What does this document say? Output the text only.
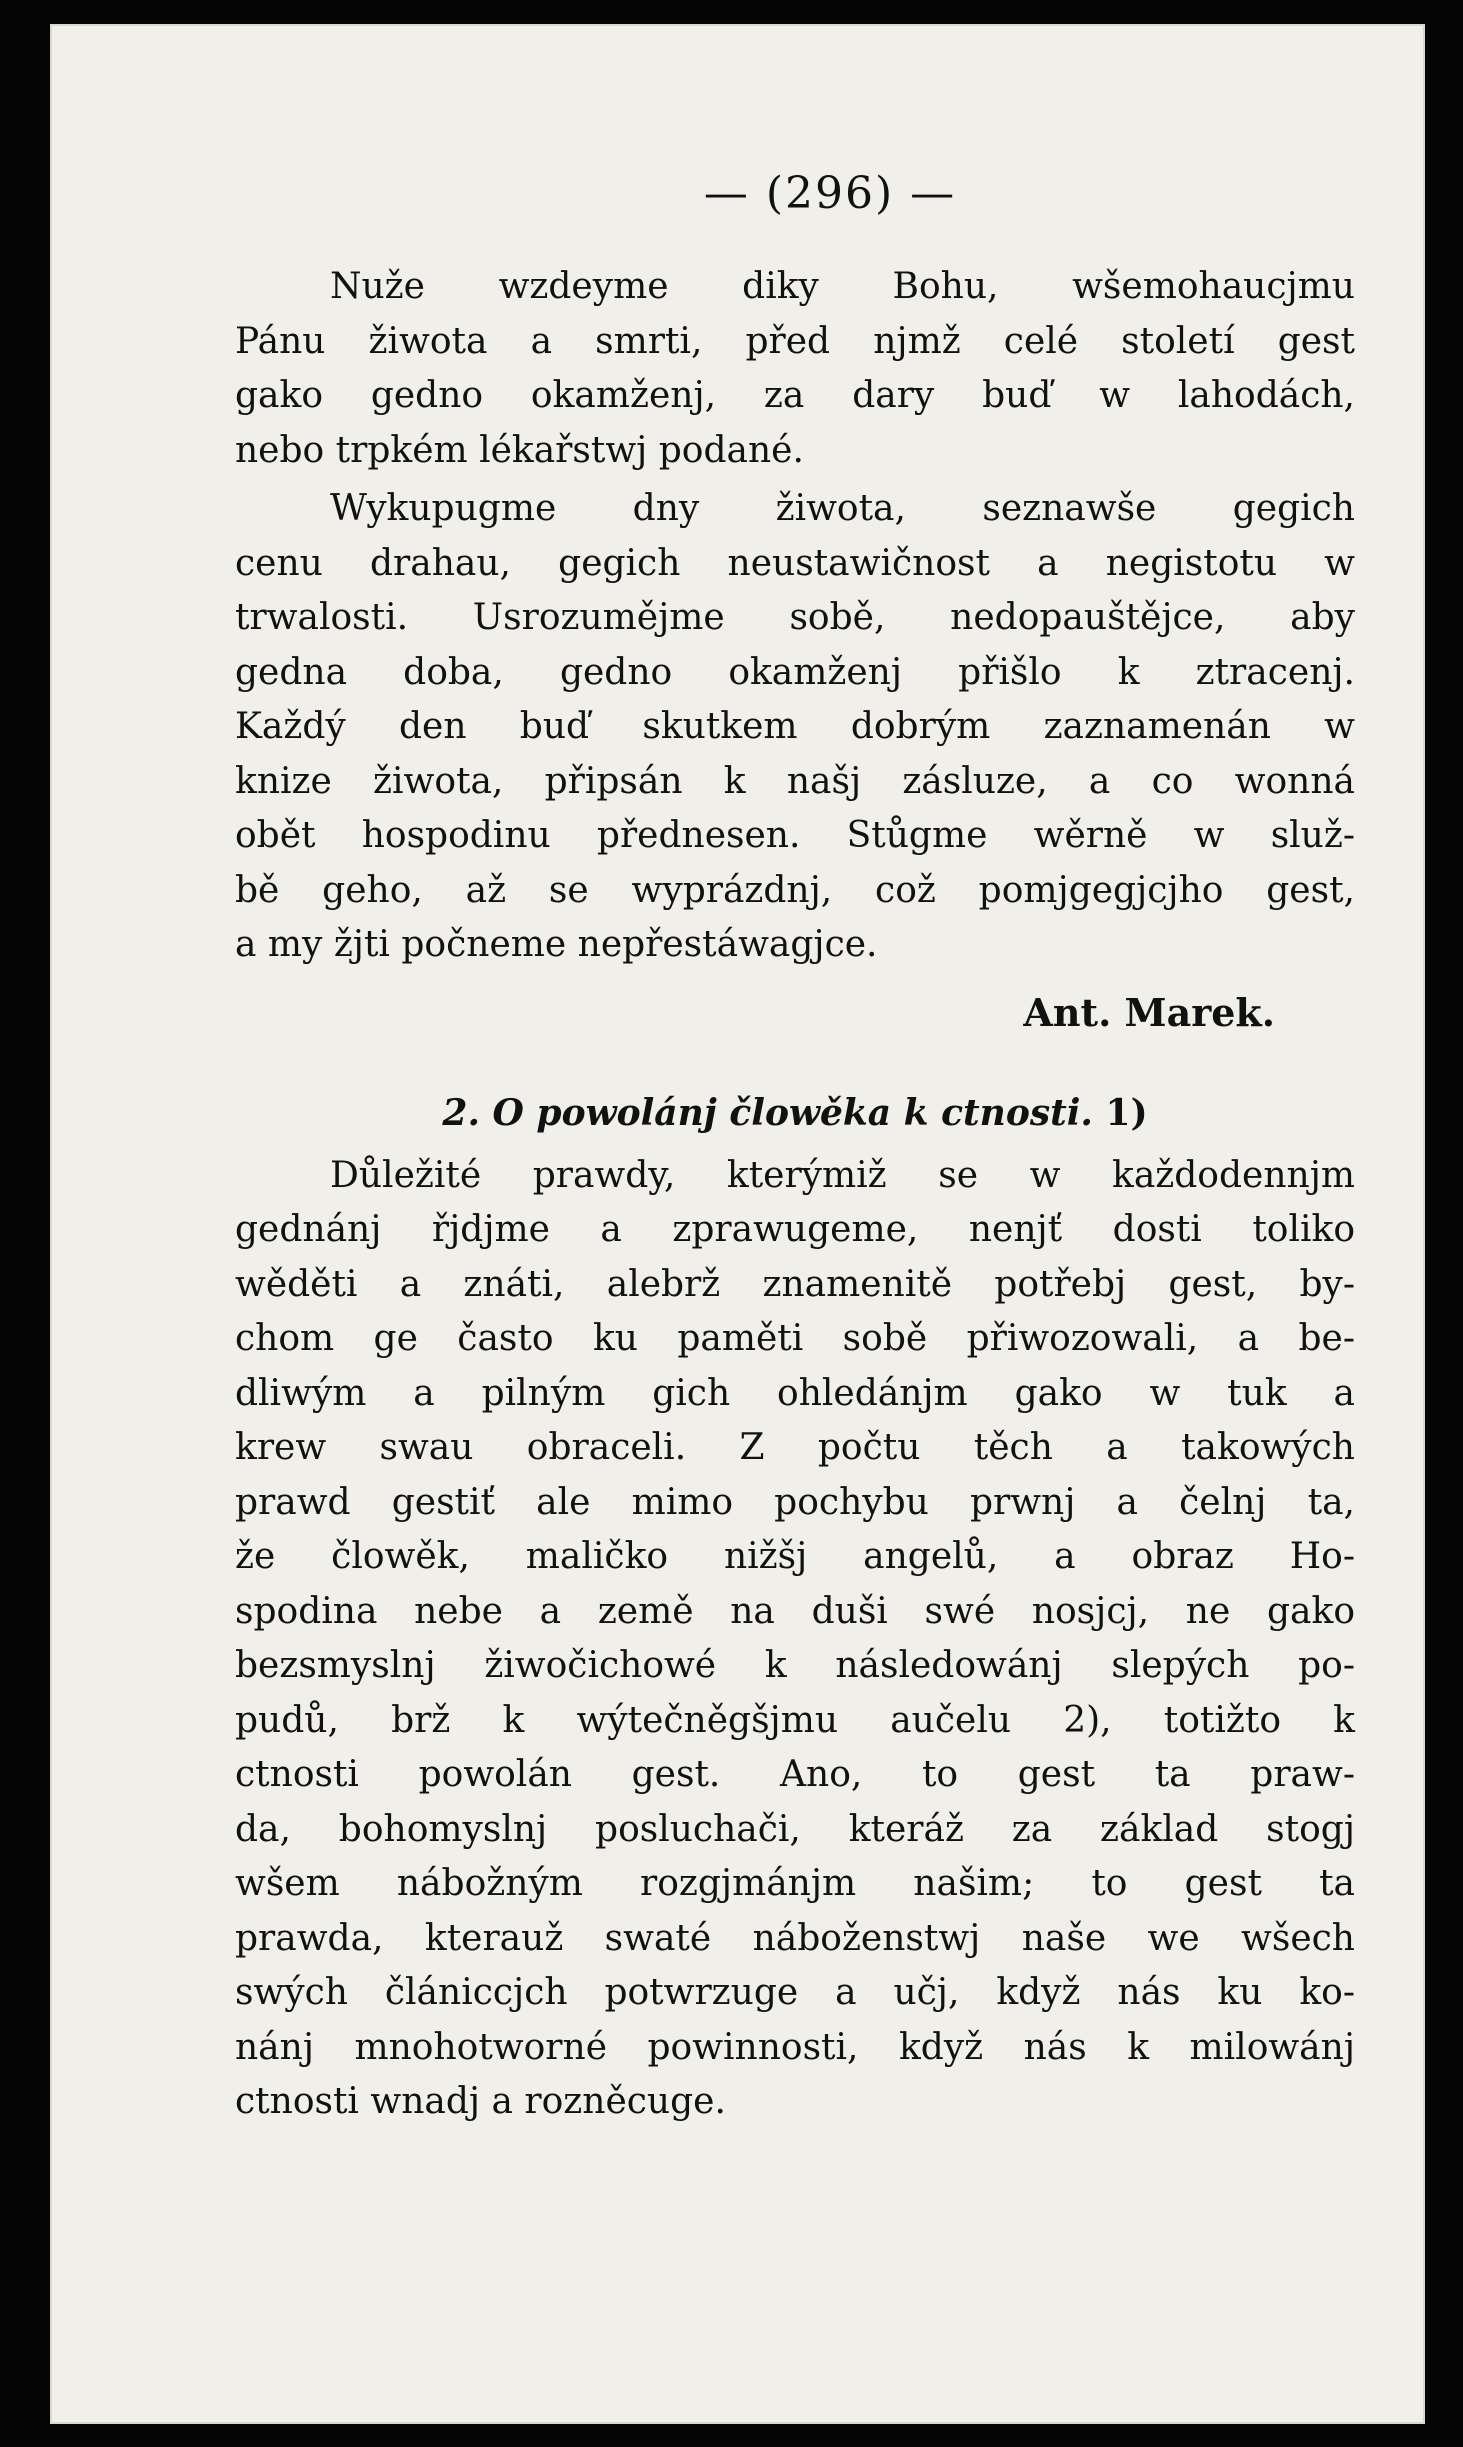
— (296) —
Nuže wzdeyme diky Bohu, wšemohaucjmu
Pánu žiwota a smrti, před njmž celé století gest
gako gedno okamženj, za dary buď w lahodách,
nebo trpkém lékařstwj podané.
Wykupugme dny žiwota, seznawše gegich
cenu drahau, gegich neustawičnost a negistotu w
trwalosti. Usrozumějme sobě, nedopauštějce, aby
gedna doba, gedno okamženj přišlo k ztracenj.
Každý den buď skutkem dobrým zaznamenán w
knize žiwota, připsán k našj zásluze, a co wonná
obět hospodinu přednesen. Stůgme wěrně w služ-
bě geho, až se wyprázdnj, což pomjgegjcjho gest,
a my žjti počneme nepřestáwagjce.
Ant. Marek.
2. O powolánj člowěka k ctnosti. 1)
Důležité prawdy, kterýmiž se w každodennjm
gednánj řjdjme a zprawugeme, nenjť dosti toliko
wěděti a znáti, alebrž znamenitě potřebj gest, by-
chom ge často ku paměti sobě přiwozowali, a be-
dliwým a pilným gich ohledánjm gako w tuk a
krew swau obraceli. Z počtu těch a takowých
prawd gestiť ale mimo pochybu prwnj a čelnj ta,
že člowěk, maličko nižšj angelů, a obraz Ho-
spodina nebe a země na duši swé nosjcj, ne gako
bezsmyslnj žiwočichowé k následowánj slepých po-
pudů, brž k wýtečněgšjmu aučelu 2), totižto k
ctnosti powolán gest. Ano, to gest ta praw-
da, bohomyslnj posluchači, kteráž za základ stogj
wšem nábožným rozgjmánjm našim; to gest ta
prawda, kterauž swaté náboženstwj naše we wšech
swých člániccjch potwrzuge a učj, když nás ku ko-
nánj mnohotworné powinnosti, když nás k milowánj
ctnosti wnadj a rozněcuge.
